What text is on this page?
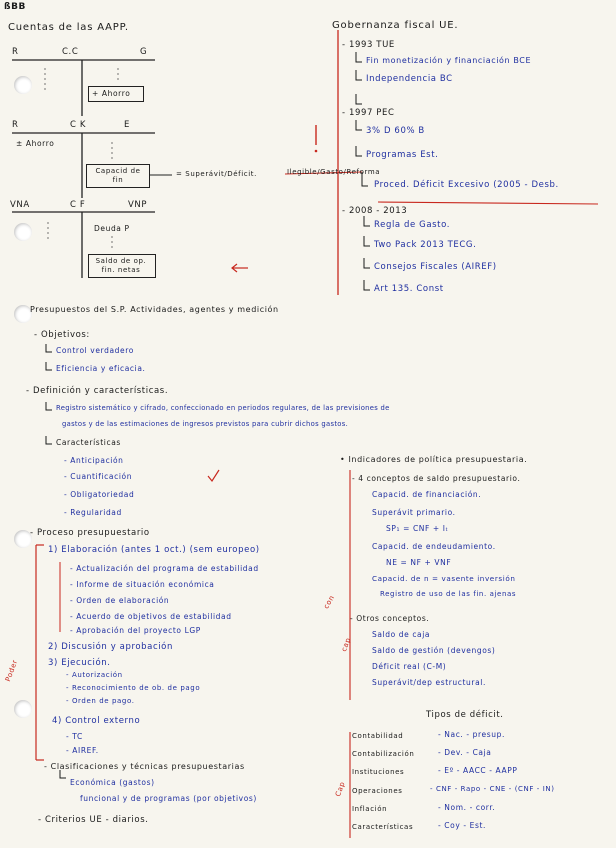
ßBB
Cuentas de las AAPP.	Gobernanza fiscal UE.
R	C.C	G
+ Ahorro
R	C K	E
± Ahorro
Capacid de fin
= Superávit/Déficit.	Ilegible/Gasto/Reforma
VNA	C F	VNP
Deuda P
Saldo de op. fin. netas
- 1993 TUE
Fin monetización y financiación BCE
Independencia BC
- 1997 PEC
3% D 60% B
Programas Est.
Proced. Déficit Excesivo (2005 - Desb.
- 2008 - 2013
Regla de Gasto.
Two Pack 2013 TECG.
Consejos Fiscales (AIREF)
Art 135. Const
Presupuestos del S.P. Actividades, agentes y medición
- Objetivos:
Control verdadero
Eficiencia y eficacia.
- Definición y características.
Registro sistemático y cifrado, confeccionado en periodos regulares, de las previsiones de
gastos y de las estimaciones de ingresos previstos para cubrir dichos gastos.
Características
- Anticipación
- Cuantificación
- Obligatoriedad
- Regularidad
- Proceso presupuestario
1) Elaboración (antes 1 oct.) (sem europeo)
- Actualización del programa de estabilidad
- Informe de situación económica
- Orden de elaboración
- Acuerdo de objetivos de estabilidad
- Aprobación del proyecto LGP
2) Discusión y aprobación
3) Ejecución.
- Autorización
- Reconocimiento de ob. de pago
- Orden de pago.
4) Control externo
- TC
- AIREF.
Poder
con
- Clasificaciones y técnicas presupuestarias
Económica (gastos)
funcional y de programas (por objetivos)
- Criterios UE - diarios.
• Indicadores de política presupuestaria.
- 4 conceptos de saldo presupuestario.
Capacid. de financiación.
Superávit primario.
SP₁ = CNF + Iₜ
Capacid. de endeudamiento.
NE = NF + VNF
Capacid. de n = vasente inversión
Registro de uso de las fin. ajenas
- Otros conceptos.
Saldo de caja
Saldo de gestión (devengos)
Déficit real (C-M)
Superávit/dep estructural.
cap
Tipos de déficit.
Contabilidad	- Nac. - presup.
Contabilización	- Dev. - Caja
Instituciones	- Eº - AACC - AAPP
Operaciones	- CNF - Rapo - CNE - (CNF - IN)
Inflación	- Nom. - corr.
Características	- Coy - Est.
Cap
